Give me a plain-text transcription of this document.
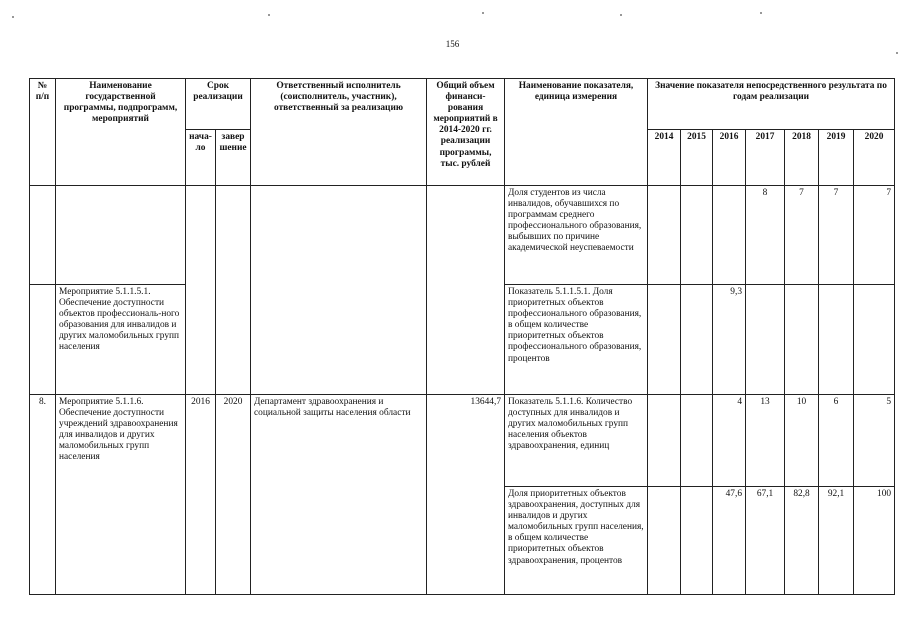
156
№ п/п	Наименование государственной программы, подпрограмм, мероприятий	Срок реализации		Ответственный исполнитель (соисполнитель, участник), ответственный за реализацию	Общий объем финанси-рования мероприятий в 2014-2020 гг. реализации программы, тыс. рублей	Наименование показателя, единица измерения	Значение показателя непосредственного результата по годам реализации						
		нача-ло	завер шение				2014	2015	2016	2017	2018	2019	2020
						Доля студентов из числа инвалидов, обучавшихся по программам среднего профессионального образования, выбывших по причине академической неуспеваемости				8	7	7	7
	Мероприятие 5.1.1.5.1. Обеспечение доступности объектов профессиональ-ного образования для инвалидов и других маломобильных групп населения					Показатель 5.1.1.5.1. Доля приоритетных объектов профессионального образования, в общем количестве приоритетных объектов профессионального образования, процентов			9,3				
8.	Мероприятие 5.1.1.6. Обеспечение доступности учреждений здравоохранения для инвалидов и других маломобильных групп населения	2016	2020	Департамент здравоохранения и социальной защиты населения области	13644,7	Показатель 5.1.1.6. Количество доступных для инвалидов и других маломобильных групп населения объектов здравоохранения, единиц			4	13	10	6	5
						Доля приоритетных объектов здравоохранения, доступных для инвалидов и других маломобильных групп населения, в общем количестве приоритетных объектов здравоохранения, процентов			47,6	67,1	82,8	92,1	100
